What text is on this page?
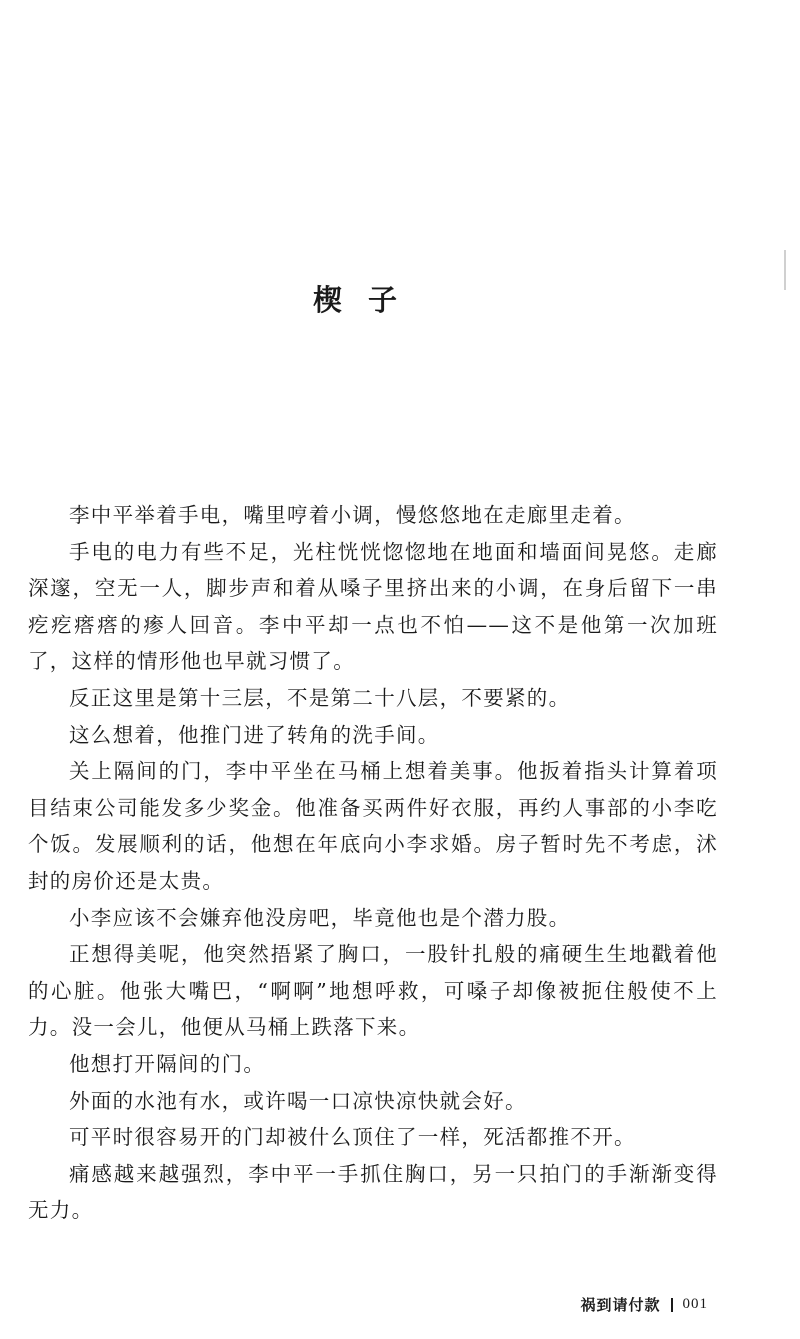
楔子

李中平举着手电，嘴里哼着小调，慢悠悠地在走廊里走着。

手电的电力有些不足，光柱恍恍惚惚地在地面和墙面间晃悠。走廊深邃，空无一人，脚步声和着从嗓子里挤出来的小调，在身后留下一串疙疙瘩瘩的瘆人回音。李中平却一点也不怕——这不是他第一次加班了，这样的情形他也早就习惯了。

反正这里是第十三层，不是第二十八层，不要紧的。

这么想着，他推门进了转角的洗手间。

关上隔间的门，李中平坐在马桶上想着美事。他扳着指头计算着项目结束公司能发多少奖金。他准备买两件好衣服，再约人事部的小李吃个饭。发展顺利的话，他想在年底向小李求婚。房子暂时先不考虑，沭封的房价还是太贵。

小李应该不会嫌弃他没房吧，毕竟他也是个潜力股。

正想得美呢，他突然捂紧了胸口，一股针扎般的痛硬生生地戳着他的心脏。他张大嘴巴，“啊啊”地想呼救，可嗓子却像被扼住般使不上力。没一会儿，他便从马桶上跌落下来。

他想打开隔间的门。

外面的水池有水，或许喝一口凉快凉快就会好。

可平时很容易开的门却被什么顶住了一样，死活都推不开。

痛感越来越强烈，李中平一手抓住胸口，另一只拍门的手渐渐变得无力。

祸到请付款 001
